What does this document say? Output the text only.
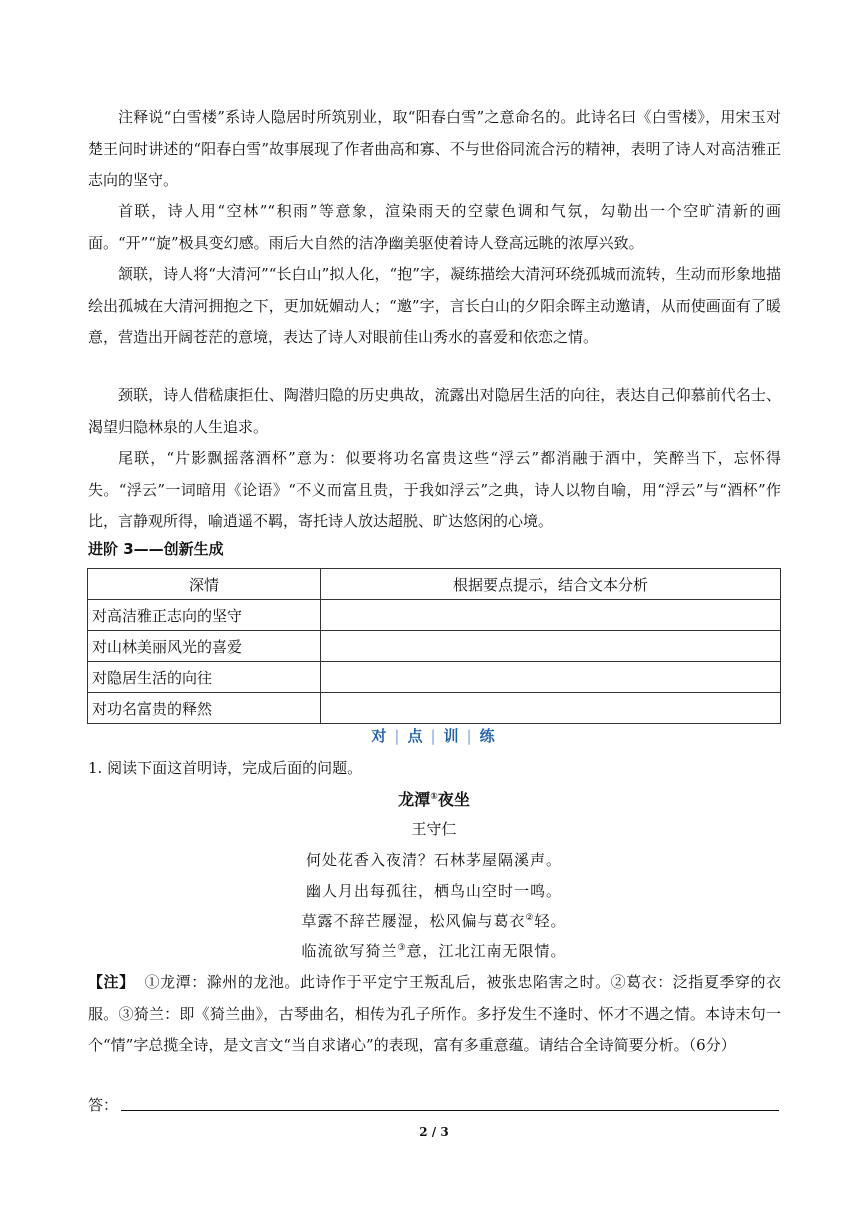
注释说“白雪楼”系诗人隐居时所筑别业，取“阳春白雪”之意命名的。此诗名曰《白雪楼》，用宋玉对楚王问时讲述的“阳春白雪”故事展现了作者曲高和寡、不与世俗同流合污的精神，表明了诗人对高洁雅正志向的坚守。

首联，诗人用“空林”“积雨”等意象，渲染雨天的空蒙色调和气氛，勾勒出一个空旷清新的画面。“开”“旋”极具变幻感。雨后大自然的洁净幽美驱使着诗人登高远眺的浓厚兴致。

颔联，诗人将“大清河”“长白山”拟人化，“抱”字，凝练描绘大清河环绕孤城而流转，生动而形象地描绘出孤城在大清河拥抱之下，更加妩媚动人；“邀”字，言长白山的夕阳余晖主动邀请，从而使画面有了暖意，营造出开阔苍茫的意境，表达了诗人对眼前佳山秀水的喜爱和依恋之情。

颈联，诗人借嵇康拒仕、陶潜归隐的历史典故，流露出对隐居生活的向往，表达自己仰慕前代名士、渴望归隐林泉的人生追求。

尾联，“片影飘摇落酒杯”意为：似要将功名富贵这些“浮云”都消融于酒中，笑醉当下，忘怀得失。“浮云”一词暗用《论语》“不义而富且贵，于我如浮云”之典，诗人以物自喻，用“浮云”与“酒杯”作比，言静观所得，喻逍遥不羁，寄托诗人放达超脱、旷达悠闲的心境。

进阶 3——创新生成
深情	根据要点提示，结合文本分析
对高洁雅正志向的坚守	
对山林美丽风光的喜爱	
对隐居生活的向往	
对功名富贵的释然	
对 | 点 | 训 | 练
1. 阅读下面这首明诗，完成后面的问题。
龙潭①夜坐
王守仁
何处花香入夜清？石林茅屋隔溪声。
幽人月出每孤往，栖鸟山空时一鸣。
草露不辞芒屦湿，松风偏与葛衣②轻。
临流欲写猗兰③意，江北江南无限情。

【注】 ①龙潭：滁州的龙池。此诗作于平定宁王叛乱后，被张忠陷害之时。②葛衣：泛指夏季穿的衣服。③猗兰：即《猗兰曲》，古琴曲名，相传为孔子所作。多抒发生不逢时、怀才不遇之情。本诗末句一个“情”字总揽全诗，是文言文“当自求诸心”的表现，富有多重意蕴。请结合全诗简要分析。（6分）

答：
2 / 3
